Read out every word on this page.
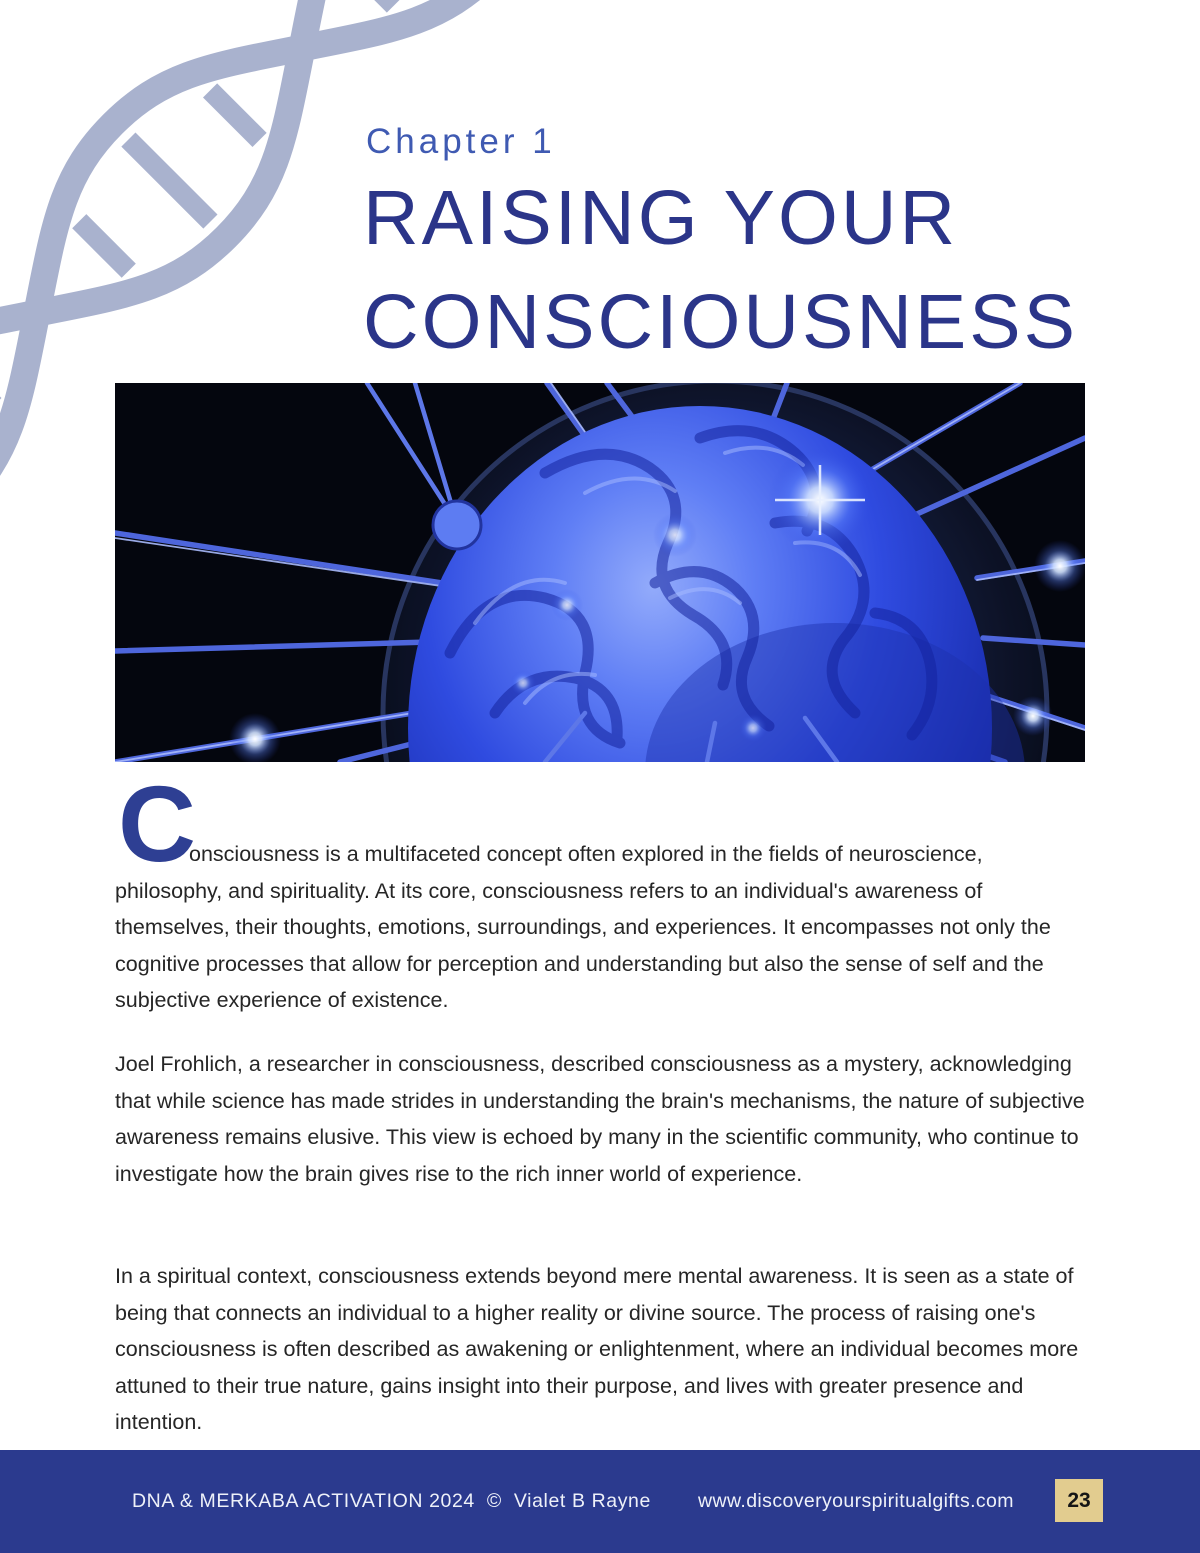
Chapter 1
RAISING YOUR
CONSCIOUSNESS
C

onsciousness is a multifaceted concept often explored in the fields of neuroscience, philosophy, and spirituality. At its core, consciousness refers to an individual's awareness of themselves, their thoughts, emotions, surroundings, and experiences. It encompasses not only the cognitive processes that allow for perception and understanding but also the sense of self and the subjective experience of existence.

Joel Frohlich, a researcher in consciousness, described consciousness as a mystery, acknowledging that while science has made strides in understanding the brain's mechanisms, the nature of subjective awareness remains elusive. This view is echoed by many in the scientific community, who continue to investigate how the brain gives rise to the rich inner world of experience.

In a spiritual context, consciousness extends beyond mere mental awareness. It is seen as a state of being that connects an individual to a higher reality or divine source. The process of raising one's consciousness is often described as awakening or enlightenment, where an individual becomes more attuned to their true nature, gains insight into their purpose, and lives with greater presence and intention.

DNA & MERKABA ACTIVATION 2024  ©  Vialet B Rayne www.discoveryourspiritualgifts.com	23
